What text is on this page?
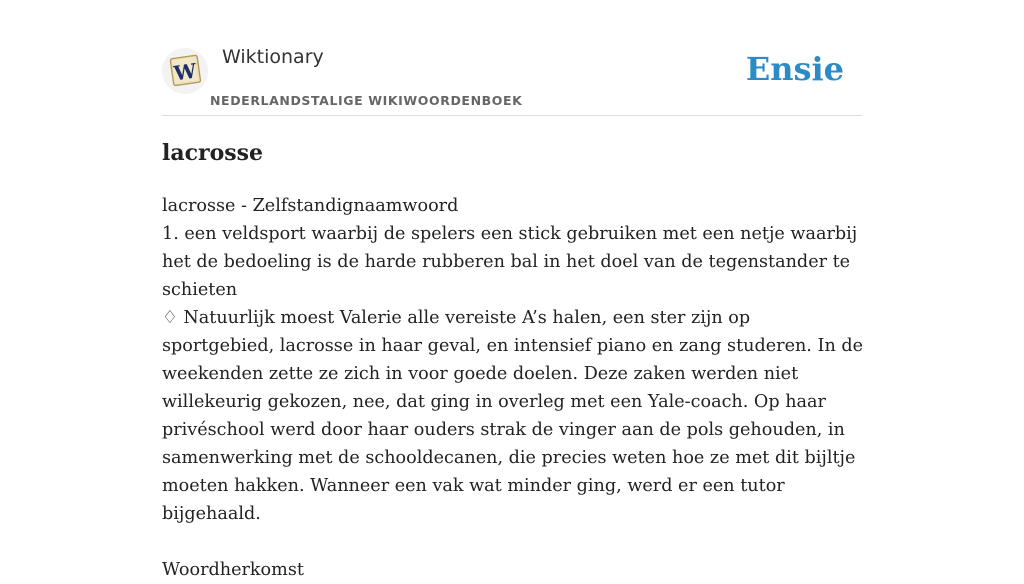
W
Wiktionary
NEDERLANDSTALIGE WIKIWOORDENBOEK
Ensie
lacrosse
lacrosse - Zelfstandignaamwoord
1. een veldsport waarbij de spelers een stick gebruiken met een netje waarbij het de bedoeling is de harde rubberen bal in het doel van de tegenstander te schieten
♢ Natuurlijk moest Valerie alle vereiste A’s halen, een ster zijn op sportgebied, lacrosse in haar geval, en intensief piano en zang studeren. In de weekenden zette ze zich in voor goede doelen. Deze zaken werden niet willekeurig gekozen, nee, dat ging in overleg met een Yale-coach. Op haar privéschool werd door haar ouders strak de vinger aan de pols gehouden, in samenwerking met de schooldecanen, die precies weten hoe ze met dit bijltje moeten hakken. Wanneer een vak wat minder ging, werd er een tutor bijgehaald.
Woordherkomst
